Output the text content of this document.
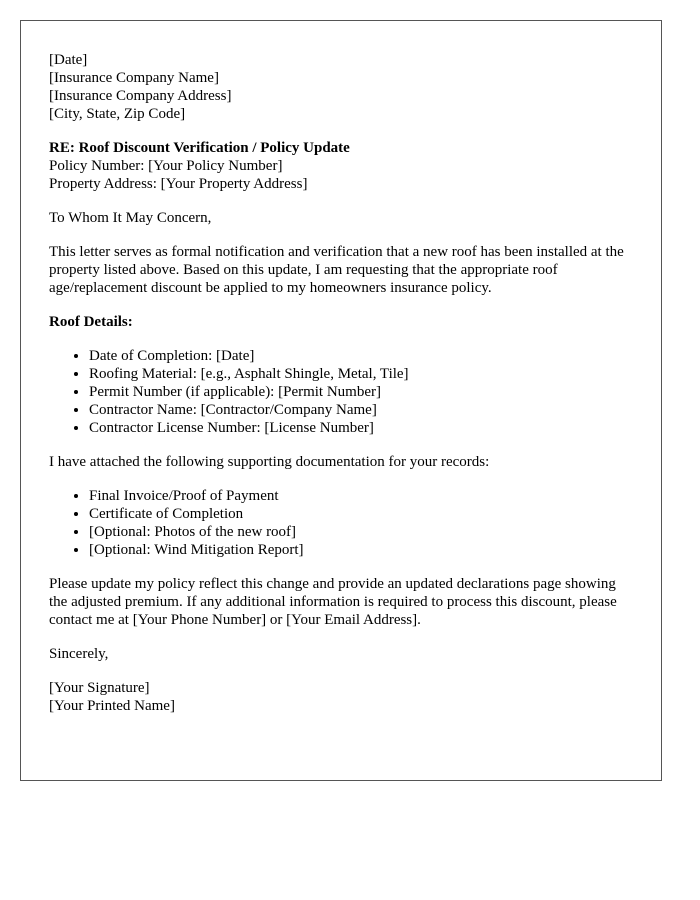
[Date]

[Insurance Company Name]

[Insurance Company Address]

[City, State, Zip Code]

RE: Roof Discount Verification / Policy Update

Policy Number: [Your Policy Number]

Property Address: [Your Property Address]

To Whom It May Concern,

This letter serves as formal notification and verification that a new roof has been installed at the property listed above. Based on this update, I am requesting that the appropriate roof age/replacement discount be applied to my homeowners insurance policy.

Roof Details:

• Date of Completion: [Date]
• Roofing Material: [e.g., Asphalt Shingle, Metal, Tile]
• Permit Number (if applicable): [Permit Number]
• Contractor Name: [Contractor/Company Name]
• Contractor License Number: [License Number]

I have attached the following supporting documentation for your records:

• Final Invoice/Proof of Payment
• Certificate of Completion
• [Optional: Photos of the new roof]
• [Optional: Wind Mitigation Report]

Please update my policy reflect this change and provide an updated declarations page showing the adjusted premium. If any additional information is required to process this discount, please contact me at [Your Phone Number] or [Your Email Address].

Sincerely,

[Your Signature]

[Your Printed Name]
